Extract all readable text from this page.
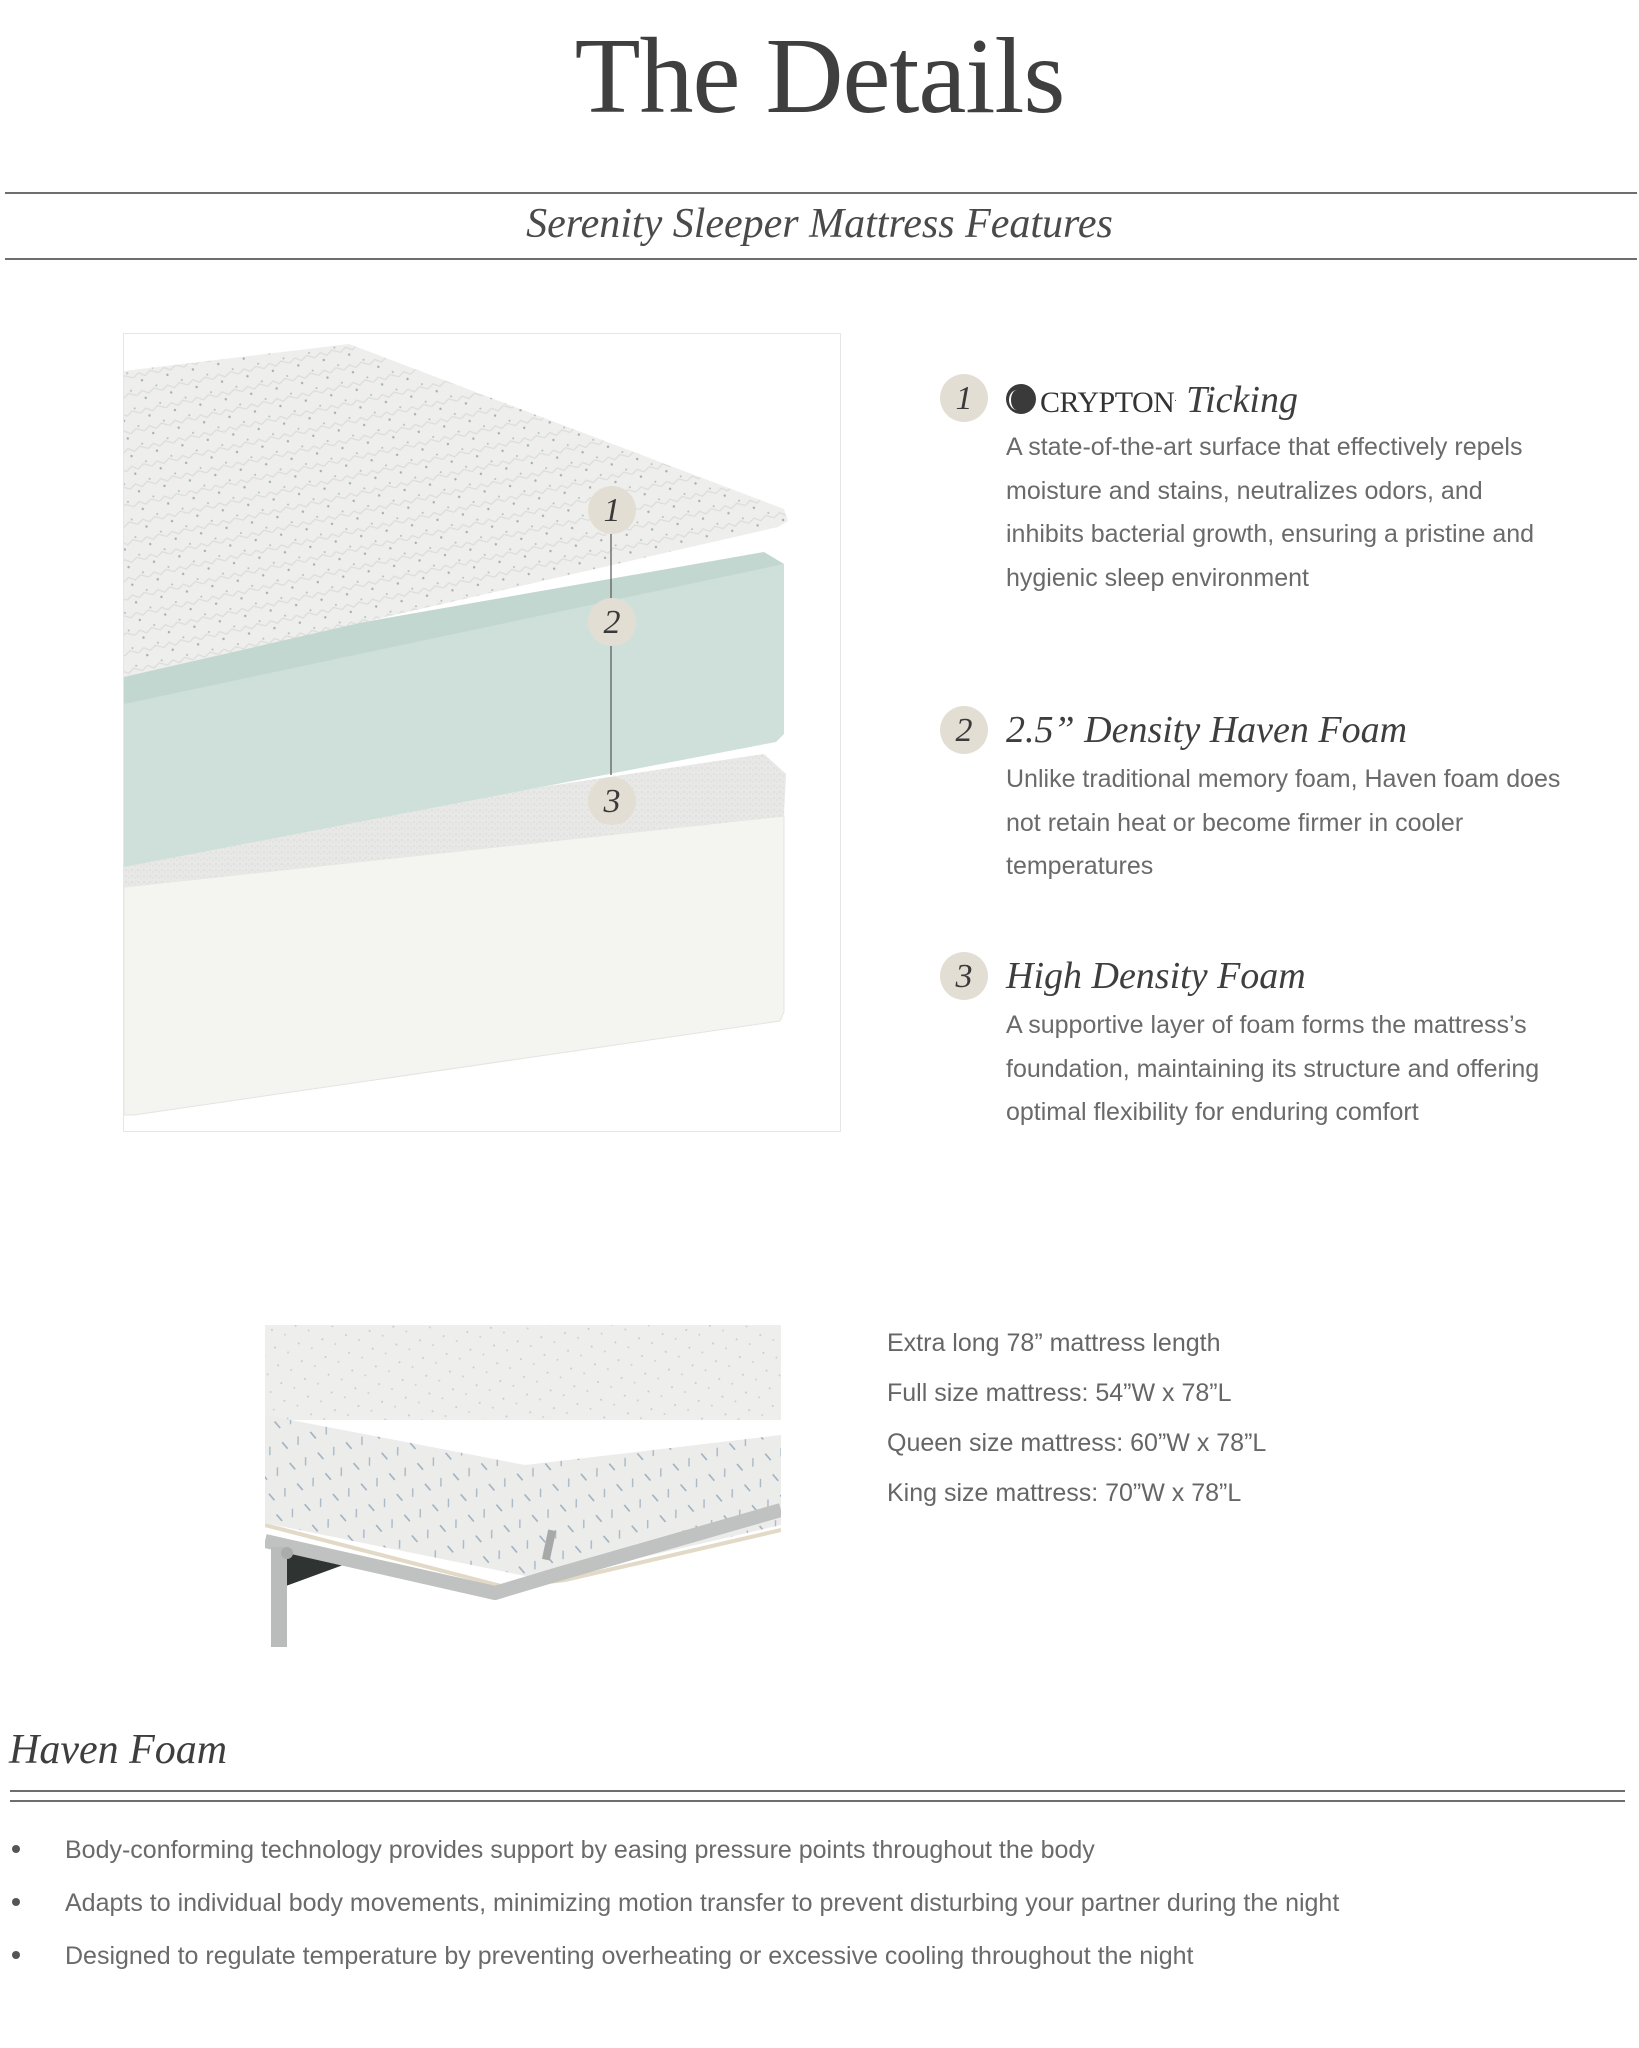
The Details
Serenity Sleeper Mattress Features
1
2
3
1	CRYPTON. Ticking
A state-of-the-art surface that effectively repels moisture and stains, neutralizes odors, and inhibits bacterial growth, ensuring a pristine and hygienic sleep environment
2 2.5” Density Haven Foam
Unlike traditional memory foam, Haven foam does not retain heat or become firmer in cooler temperatures
3 High Density Foam
A supportive layer of foam forms the mattress’s foundation, maintaining its structure and offering optimal flexibility for enduring comfort
Extra long 78” mattress length
Full size mattress: 54”W x 78”L
Queen size mattress: 60”W x 78”L
King size mattress: 70”W x 78”L
Haven Foam
Body-conforming technology provides support by easing pressure points throughout the body
Adapts to individual body movements, minimizing motion transfer to prevent disturbing your partner during the night
Designed to regulate temperature by preventing overheating or excessive cooling throughout the night
